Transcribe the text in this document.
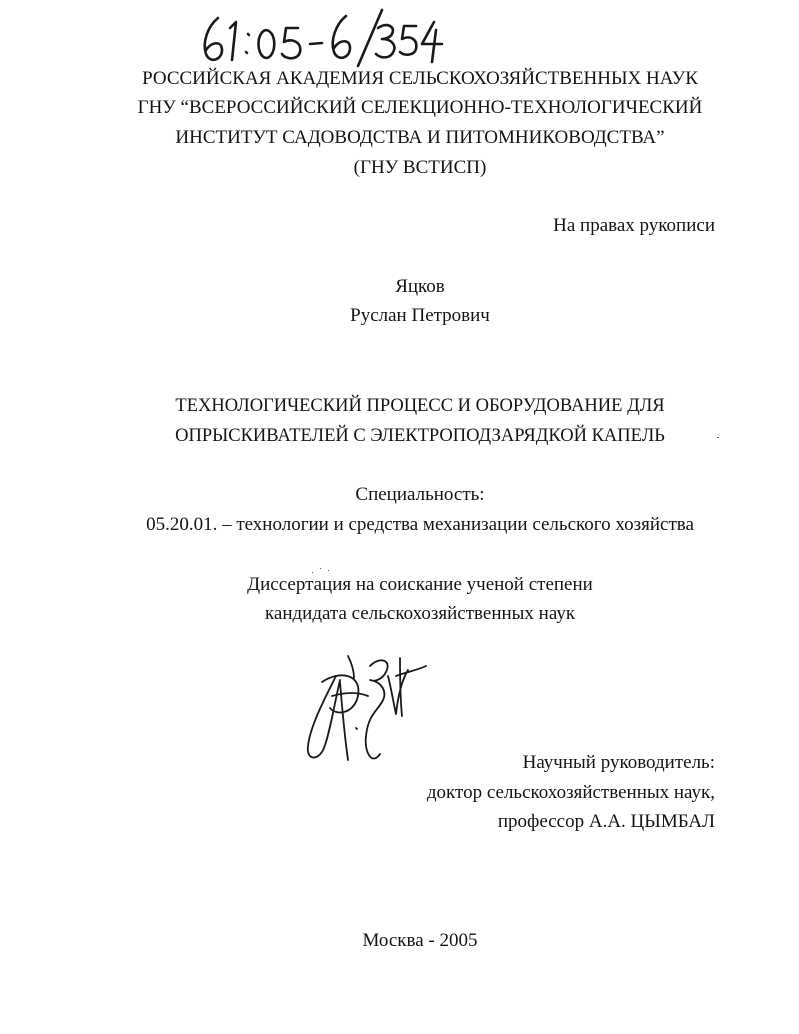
РОССИЙСКАЯ АКАДЕМИЯ СЕЛЬСКОХОЗЯЙСТВЕННЫХ НАУК
ГНУ “ВСЕРОССИЙСКИЙ СЕЛЕКЦИОННО-ТЕХНОЛОГИЧЕСКИЙ
ИНСТИТУТ САДОВОДСТВА И ПИТОМНИКОВОДСТВА”
(ГНУ ВСТИСП)
На правах рукописи
Яцков
Руслан Петрович
ТЕХНОЛОГИЧЕСКИЙ ПРОЦЕСС И ОБОРУДОВАНИЕ ДЛЯ
ОПРЫСКИВАТЕЛЕЙ С ЭЛЕКТРОПОДЗАРЯДКОЙ КАПЕЛЬ
Специальность:
05.20.01. – технологии и средства механизации сельского хозяйства
Диссертация на соискание ученой степени
кандидата сельскохозяйственных наук
Научный руководитель:
доктор сельскохозяйственных наук,
профессор А.А. ЦЫМБАЛ
Москва - 2005
